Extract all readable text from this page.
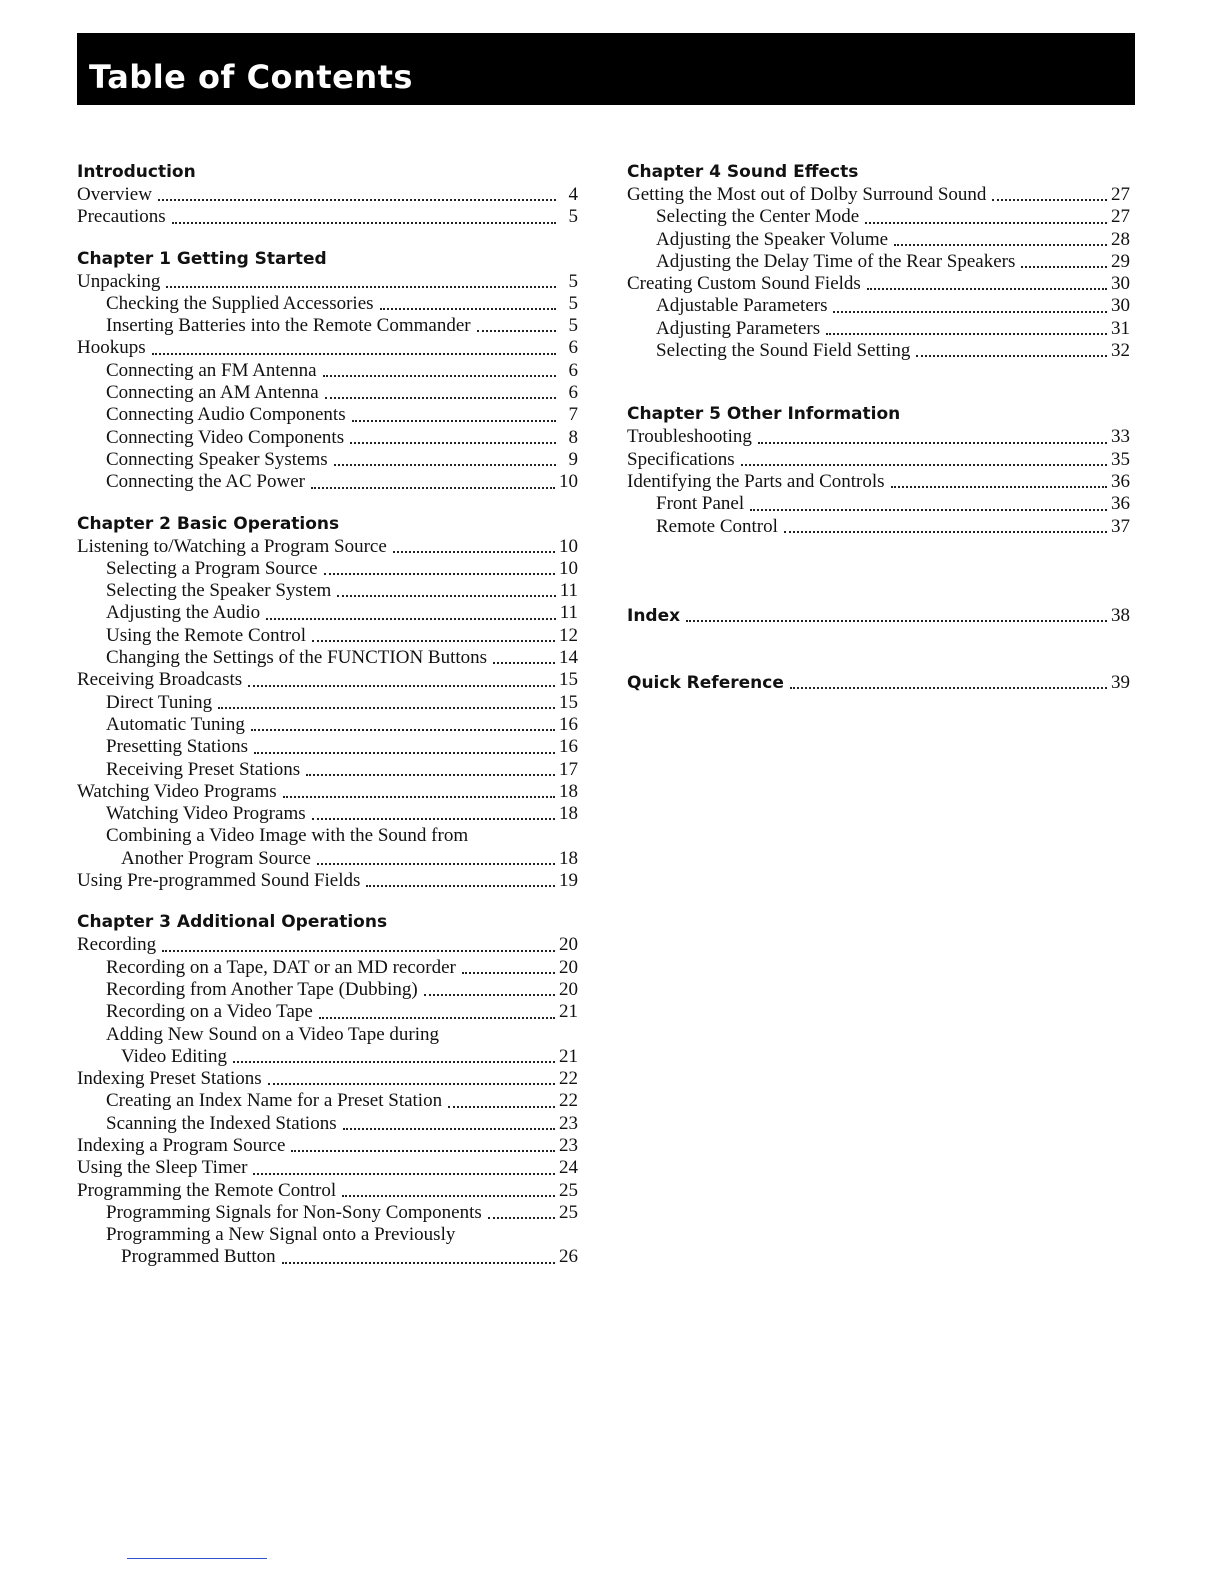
Table of Contents
Introduction
Overview	4
Precautions	5
Chapter 1 Getting Started
Unpacking	5
Checking the Supplied Accessories	5
Inserting Batteries into the Remote Commander	5
Hookups	6
Connecting an FM Antenna	6
Connecting an AM Antenna	6
Connecting Audio Components	7
Connecting Video Components	8
Connecting Speaker Systems	9
Connecting the AC Power	10
Chapter 2 Basic Operations
Listening to/Watching a Program Source	10
Selecting a Program Source	10
Selecting the Speaker System	11
Adjusting the Audio	11
Using the Remote Control	12
Changing the Settings of the FUNCTION Buttons	14
Receiving Broadcasts	15
Direct Tuning	15
Automatic Tuning	16
Presetting Stations	16
Receiving Preset Stations	17
Watching Video Programs	18
Watching Video Programs	18
Combining a Video Image with the Sound from
Another Program Source	18
Using Pre-programmed Sound Fields	19
Chapter 3 Additional Operations
Recording	20
Recording on a Tape, DAT or an MD recorder	20
Recording from Another Tape (Dubbing)	20
Recording on a Video Tape	21
Adding New Sound on a Video Tape during
Video Editing	21
Indexing Preset Stations	22
Creating an Index Name for a Preset Station	22
Scanning the Indexed Stations	23
Indexing a Program Source	23
Using the Sleep Timer	24
Programming the Remote Control	25
Programming Signals for Non-Sony Components	25
Programming a New Signal onto a Previously
Programmed Button	26
Chapter 4 Sound Effects
Getting the Most out of Dolby Surround Sound	27
Selecting the Center Mode	27
Adjusting the Speaker Volume	28
Adjusting the Delay Time of the Rear Speakers	29
Creating Custom Sound Fields	30
Adjustable Parameters	30
Adjusting Parameters	31
Selecting the Sound Field Setting	32
Chapter 5 Other Information
Troubleshooting	33
Specifications	35
Identifying the Parts and Controls	36
Front Panel	36
Remote Control	37
Index	38
Quick Reference	39
